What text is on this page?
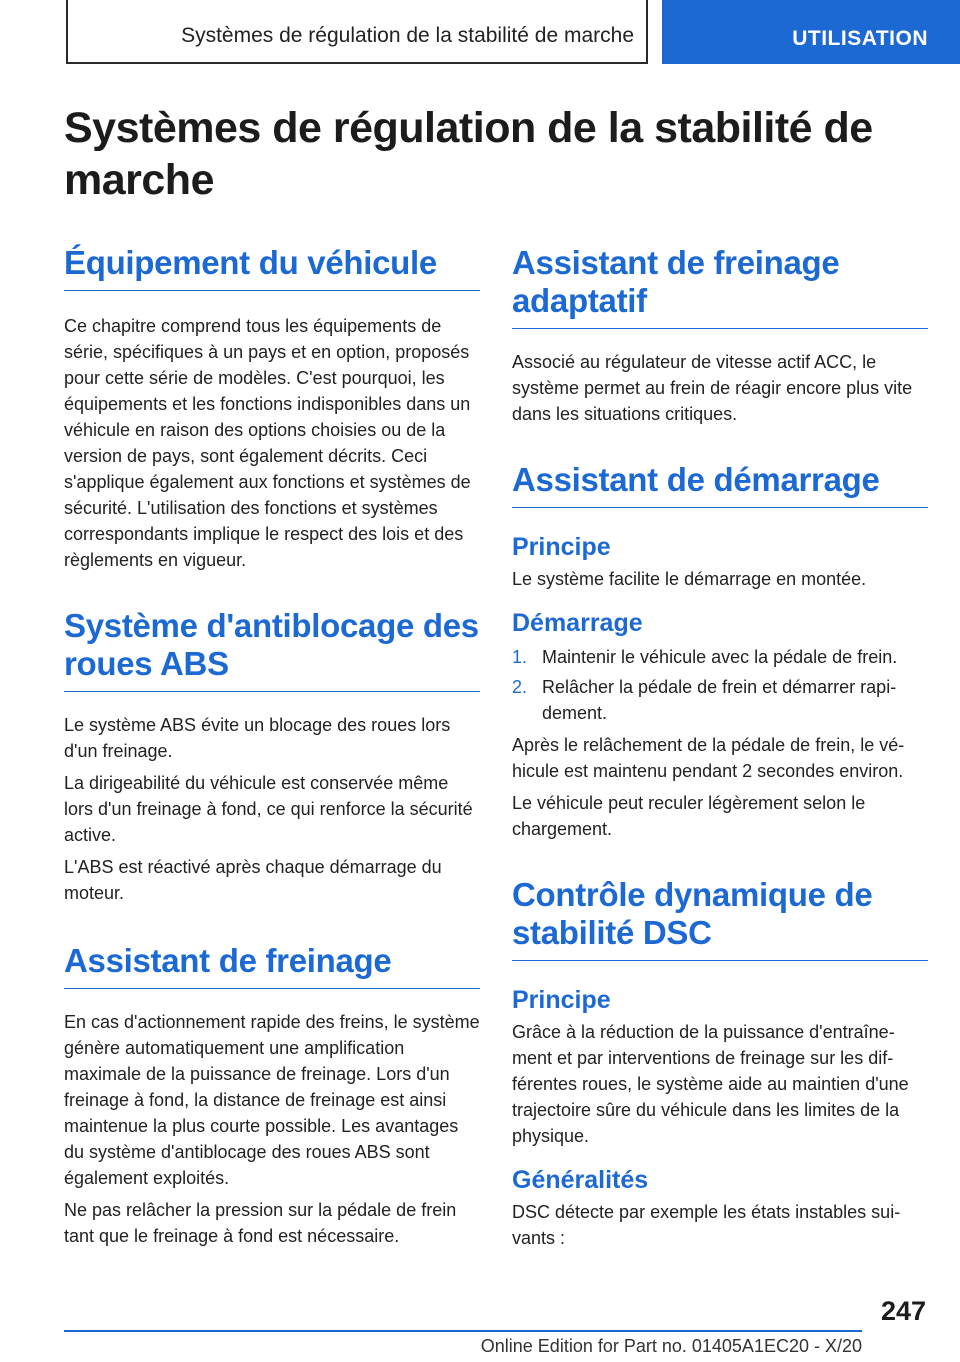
Systèmes de régulation de la stabilité de marche	UTILISATION
Systèmes de régulation de la stabilité de marche
Équipement du véhicule

Ce chapitre comprend tous les équipements de série, spécifiques à un pays et en option, proposés pour cette série de modèles. C'est pourquoi, les équipements et les fonctions indisponibles dans un véhicule en raison des options choisies ou de la version de pays, sont également décrits. Ceci s'applique également aux fonctions et systèmes de sécurité. L'utilisation des fonctions et systèmes correspondants implique le respect des lois et des règlements en vigueur.

Système d'antiblocage des roues ABS

Le système ABS évite un blocage des roues lors d'un freinage.

La dirigeabilité du véhicule est conservée même lors d'un freinage à fond, ce qui renforce la sécurité active.

L'ABS est réactivé après chaque démarrage du moteur.

Assistant de freinage

En cas d'actionnement rapide des freins, le système génère automatiquement une amplification maximale de la puissance de freinage. Lors d'un freinage à fond, la distance de freinage est ainsi maintenue la plus courte possible. Les avantages du système d'antiblocage des roues ABS sont également exploités.

Ne pas relâcher la pression sur la pédale de frein tant que le freinage à fond est nécessaire.

Assistant de freinage adaptatif

Associé au régulateur de vitesse actif ACC, le système permet au frein de réagir encore plus vite dans les situations critiques.

Assistant de démarrage
Principe

Le système facilite le démarrage en montée.

Démarrage
1. Maintenir le véhicule avec la pédale de frein.
2. Relâcher la pédale de frein et démarrer rapidement.

Après le relâchement de la pédale de frein, le véhicule est maintenu pendant 2 secondes environ.

Le véhicule peut reculer légèrement selon le chargement.

Contrôle dynamique de stabilité DSC
Principe

Grâce à la réduction de la puissance d'entraînement et par interventions de freinage sur les différentes roues, le système aide au maintien d'une trajectoire sûre du véhicule dans les limites de la physique.

Généralités

DSC détecte par exemple les états instables suivants :

247
Online Edition for Part no. 01405A1EC20 - X/20
